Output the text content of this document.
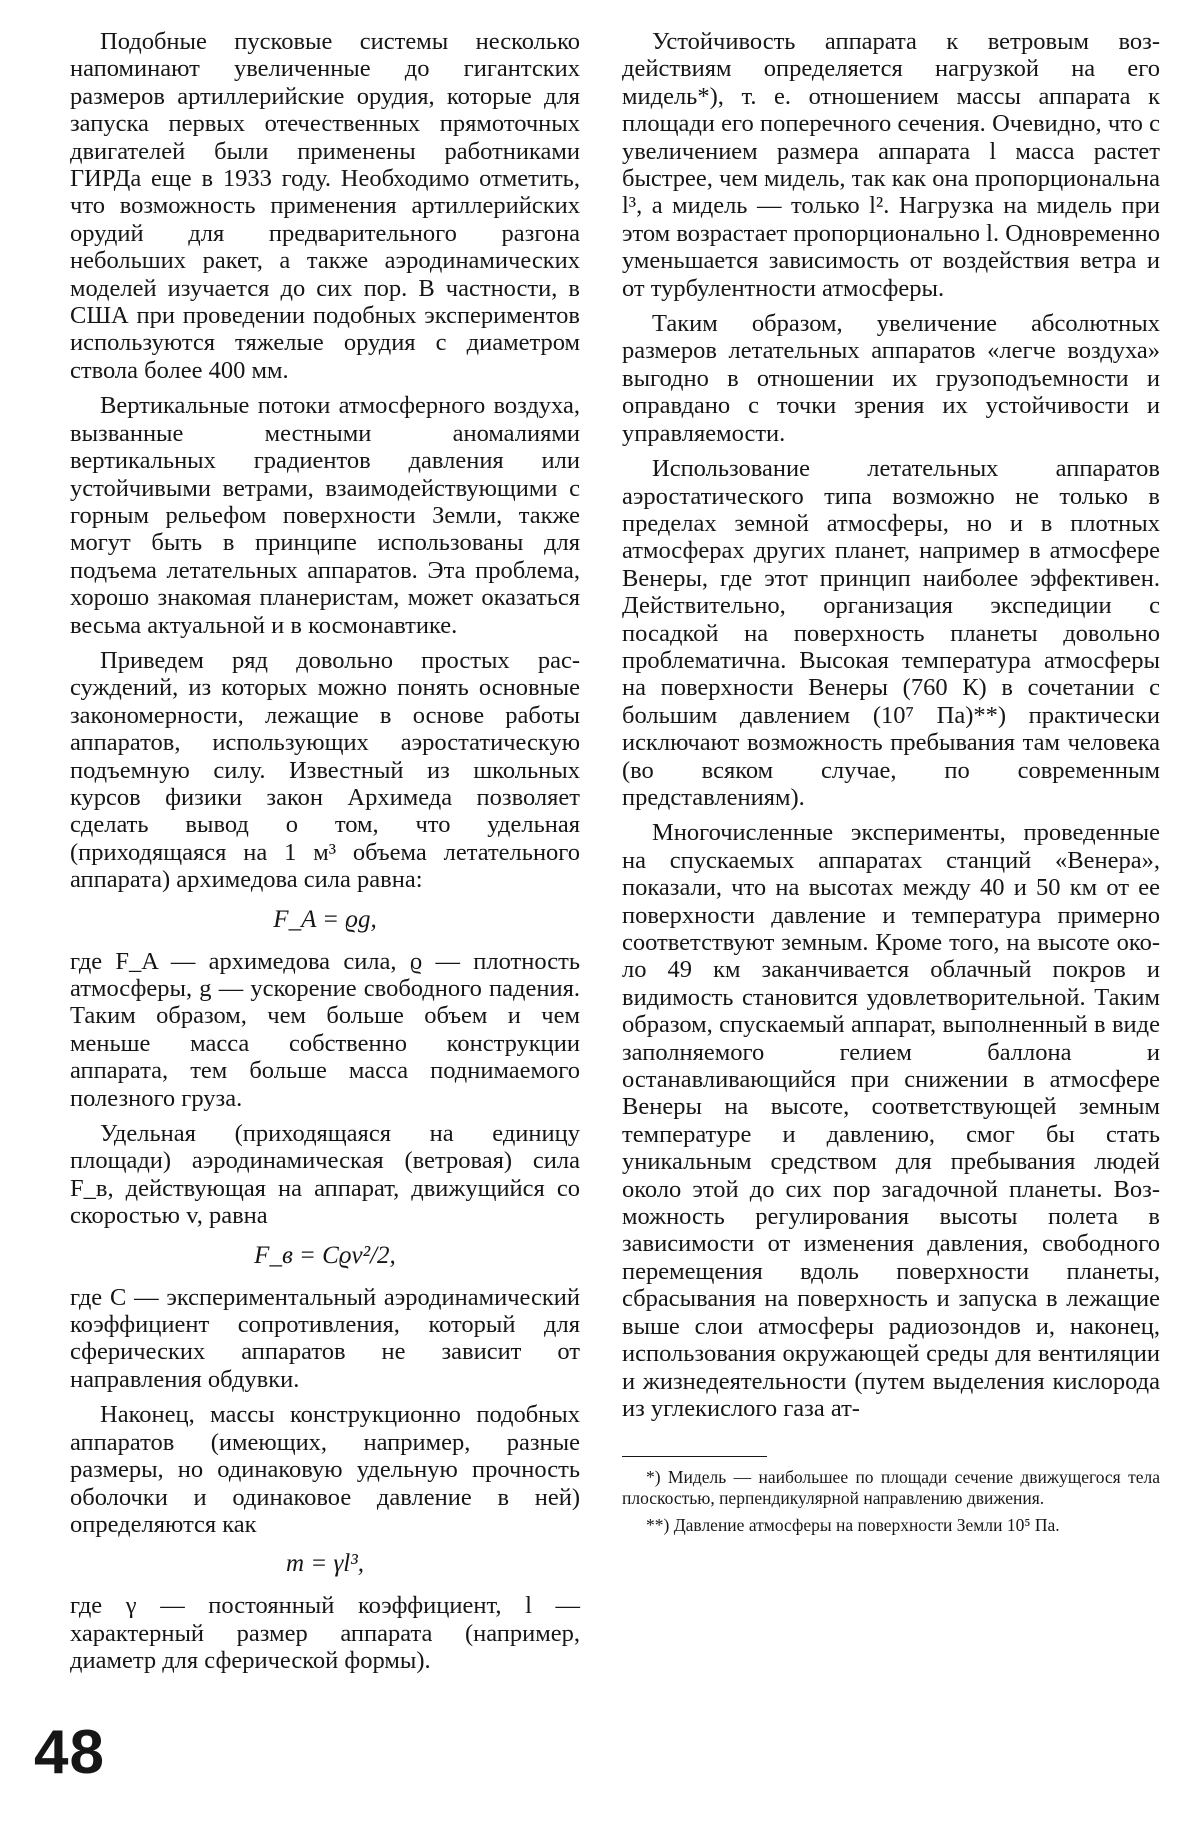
Подобные пусковые системы несколько напоминают увеличенные до гигантских размеров артиллерийские орудия, которые для запуска первых отечественных прямоточных двигателей были применены работниками ГИРДа еще в 1933 году. Необходимо отметить, что возможность применения артиллерийских орудий для предварительного разгона небольших ракет, а также аэродинамических моделей изучается до сих пор. В частности, в США при проведении подобных экспериментов используются тяжелые орудия с диаметром ствола более 400 мм.

Вертикальные потоки атмосферного воздуха, вызванные местными аномалиями вертикальных градиентов давления или устойчивыми ветрами, взаимодействующими с горным рельефом поверхности Земли, также могут быть в принципе использованы для подъема летательных аппаратов. Эта проблема, хорошо знакомая планеристам, может оказаться весьма актуальной и в космонавтике.

Приведем ряд довольно простых рассуждений, из которых можно понять основные закономерности, лежащие в основе работы аппаратов, использующих аэростатическую подъемную силу. Известный из школьных курсов физики закон Архимеда позволяет сделать вывод о том, что удельная (приходящаяся на 1 м³ объема летательного аппарата) архимедова сила равна:

F_A = ϱg,

где F_A — архимедова сила, ϱ — плотность атмосферы, g — ускорение свободного падения. Таким образом, чем больше объем и чем меньше масса собственно конструкции аппарата, тем больше масса поднимаемого полезного груза.

Удельная (приходящаяся на единицу площади) аэродинамическая (ветровая) сила F_в, действующая на аппарат, движущийся со скоростью v, равна

F_в = Cϱv²/2,

где C — экспериментальный аэродинамический коэффициент сопротивления, который для сферических аппаратов не зависит от направления обдувки.

Наконец, массы конструкционно подобных аппаратов (имеющих, например, разные размеры, но одинаковую удельную прочность оболочки и одинаковое давление в ней) определяются как

m = γl³,

где γ — постоянный коэффициент, l — характерный размер аппарата (например, диаметр для сферической формы).

Устойчивость аппарата к ветровым воздействиям определяется нагрузкой на его мидель*), т. е. отношением массы аппарата к площади его поперечного сечения. Очевидно, что с увеличением размера аппарата l масса растет быстрее, чем мидель, так как она пропорциональна l³, а мидель — только l². Нагрузка на мидель при этом возрастает пропорционально l. Одновременно уменьшается зависимость от воздействия ветра и от турбулентности атмосферы.

Таким образом, увеличение абсолютных размеров летательных аппаратов «легче воздуха» выгодно в отношении их грузоподъемности и оправдано с точки зрения их устойчивости и управляемости.

Использование летательных аппаратов аэростатического типа возможно не только в пределах земной атмосферы, но и в плотных атмосферах других планет, например в атмосфере Венеры, где этот принцип наиболее эффективен. Действительно, организация экспедиции с посадкой на поверхность планеты довольно проблематична. Высокая температура атмосферы на поверхности Венеры (760 К) в сочетании с большим давлением (10⁷ Па)**) практически исключают возможность пребывания там человека (во всяком случае, по современным представлениям).

Многочисленные эксперименты, проведенные на спускаемых аппаратах станций «Венера», показали, что на высотах между 40 и 50 км от ее поверхности давление и температура примерно соответствуют земным. Кроме того, на высоте около 49 км заканчивается облачный покров и видимость становится удовлетворительной. Таким образом, спускаемый аппарат, выполненный в виде заполняемого гелием баллона и останавливающийся при снижении в атмосфере Венеры на высоте, соответствующей земным температуре и давлению, смог бы стать уникальным средством для пребывания людей около этой до сих пор загадочной планеты. Возможность регулирования высоты полета в зависимости от изменения давления, свободного перемещения вдоль поверхности планеты, сбрасывания на поверхность и запуска в лежащие выше слои атмосферы радиозондов и, наконец, использования окружающей среды для вентиляции и жизнедеятельности (путем выделения кислорода из углекислого газа ат-

*) Мидель — наибольшее по площади сечение движущегося тела плоскостью, перпендикулярной направлению движения.

**) Давление атмосферы на поверхности Земли 10⁵ Па.

48
